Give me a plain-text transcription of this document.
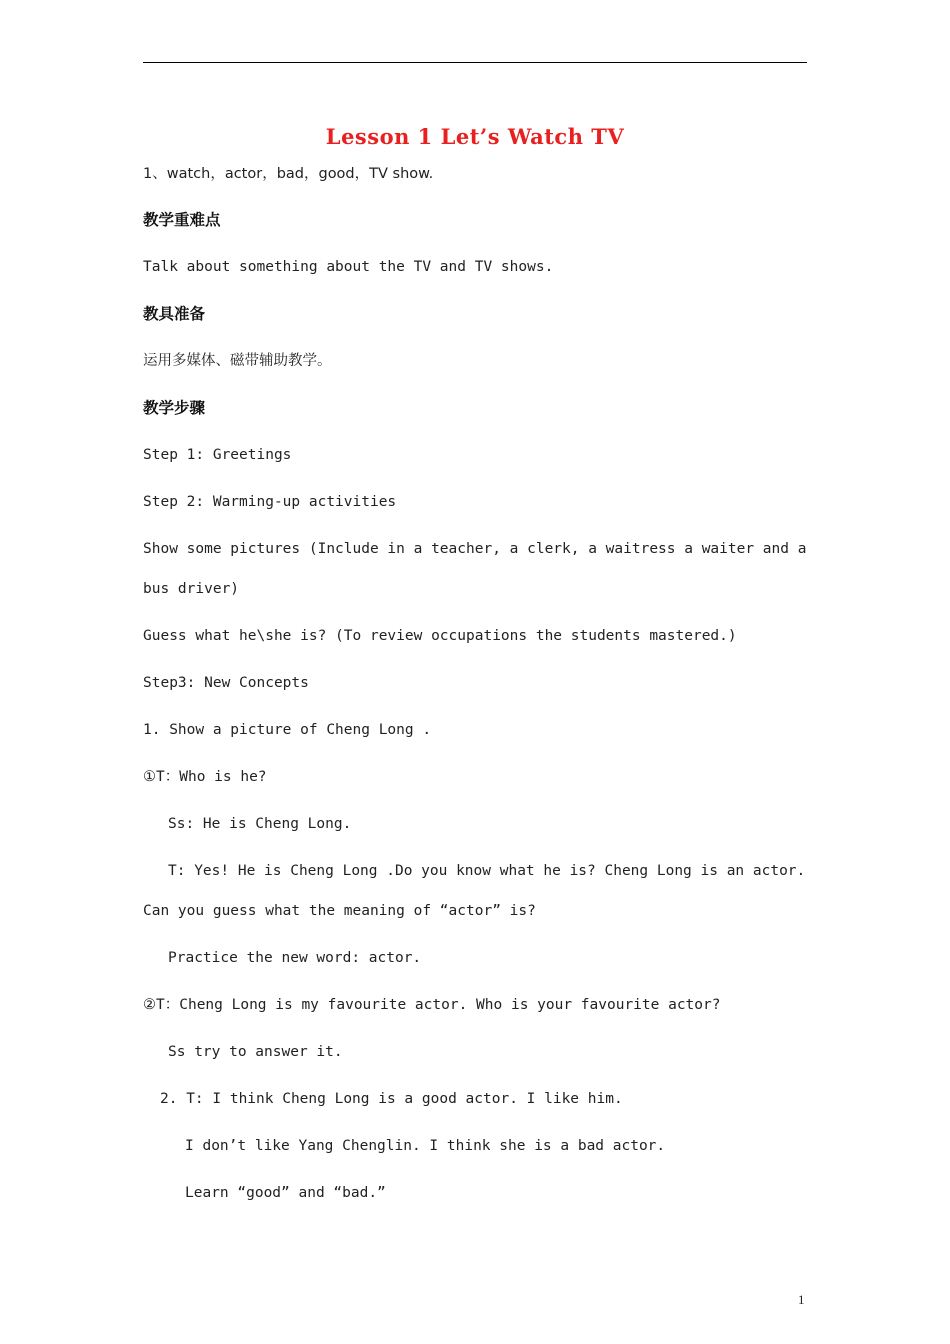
Lesson 1 Let’s Watch TV
1、watch，actor，bad，good，TV show.
教学重难点
Talk about something about the TV and TV shows.
教具准备
运用多媒体、磁带辅助教学。
教学步骤
Step 1: Greetings
Step 2: Warming-up activities
Show some pictures (Include in a teacher, a clerk, a waitress a waiter and a
bus driver)
Guess what he\she is? (To review occupations the students mastered.)
Step3: New Concepts
1. Show a picture of Cheng Long .
①T：Who is he?
Ss: He is Cheng Long.
T: Yes! He is Cheng Long .Do you know what he is? Cheng Long is an actor.
Can you guess what the meaning of “actor” is?
Practice the new word: actor.
②T：Cheng Long is my favourite actor. Who is your favourite actor?
Ss try to answer it.
2. T: I think Cheng Long is a good actor. I like him.
I don’t like Yang Chenglin. I think she is a bad actor.
Learn “good” and “bad.”
1
